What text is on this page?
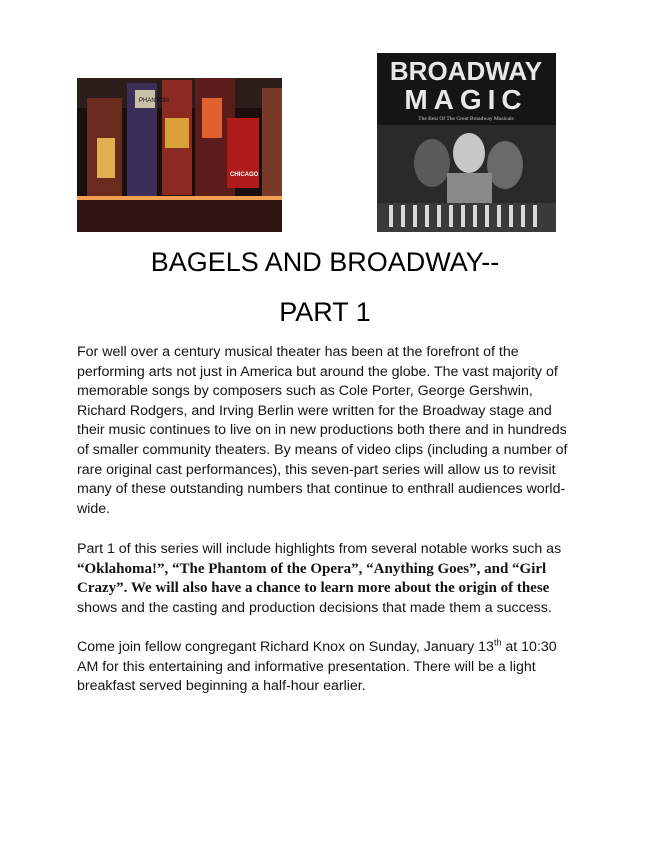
PHANTOM
CHICAGO
BROADWAY
MAGIC
The Best Of The Great Broadway Musicals
BAGELS AND BROADWAY--
PART 1

For well over a century musical theater has been at the forefront of the performing arts not just in America but around the globe. The vast majority of memorable songs by composers such as Cole Porter, George Gershwin, Richard Rodgers, and Irving Berlin were written for the Broadway stage and their music continues to live on in new productions both there and in hundreds of smaller community theaters. By means of video clips (including a number of rare original cast performances), this seven-part series will allow us to revisit many of these outstanding numbers that continue to enthrall audiences world-wide.

Part 1 of this series will include highlights from several notable works such as “Oklahoma!”, “The Phantom of the Opera”, “Anything Goes”, and “Girl Crazy”. We will also have a chance to learn more about the origin of these shows and the casting and production decisions that made them a success.

Come join fellow congregant Richard Knox on Sunday, January 13th at 10:30 AM for this entertaining and informative presentation. There will be a light breakfast served beginning a half-hour earlier.
